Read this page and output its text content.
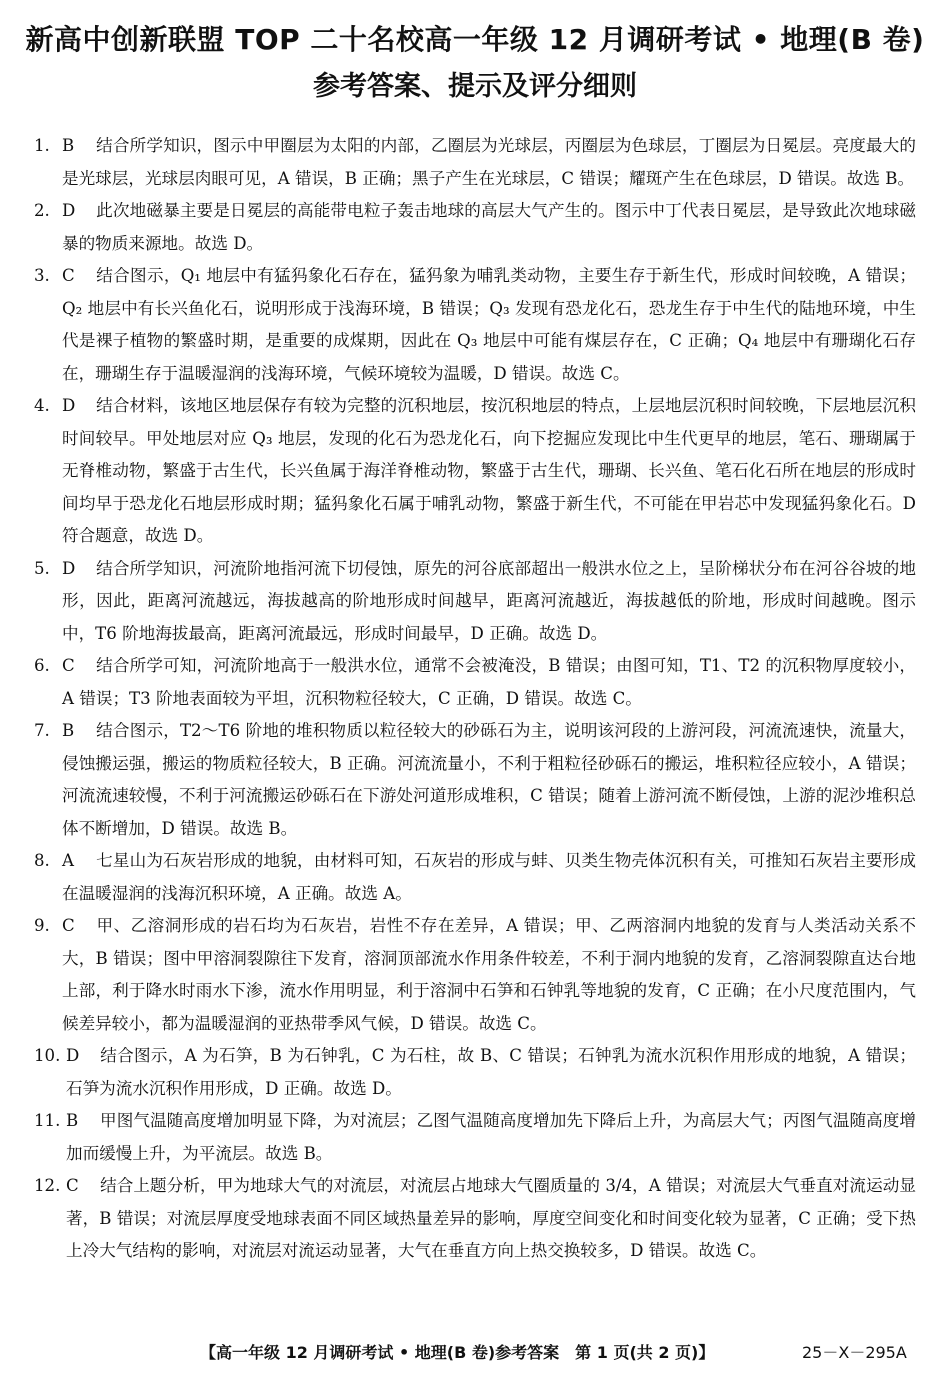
新高中创新联盟 TOP 二十名校高一年级 12 月调研考试 • 地理(B 卷)
参考答案、提示及评分细则
1. B 结合所学知识，图示中甲圈层为太阳的内部，乙圈层为光球层，丙圈层为色球层，丁圈层为日冕层。亮度最大的是光球层，光球层肉眼可见，A 错误，B 正确；黑子产生在光球层，C 错误；耀斑产生在色球层，D 错误。故选 B。
2. D 此次地磁暴主要是日冕层的高能带电粒子轰击地球的高层大气产生的。图示中丁代表日冕层，是导致此次地球磁暴的物质来源地。故选 D。
3. C 结合图示，Q₁ 地层中有猛犸象化石存在，猛犸象为哺乳类动物，主要生存于新生代，形成时间较晚，A 错误；Q₂ 地层中有长兴鱼化石，说明形成于浅海环境，B 错误；Q₃ 发现有恐龙化石，恐龙生存于中生代的陆地环境，中生代是裸子植物的繁盛时期，是重要的成煤期，因此在 Q₃ 地层中可能有煤层存在，C 正确；Q₄ 地层中有珊瑚化石存在，珊瑚生存于温暖湿润的浅海环境，气候环境较为温暖，D 错误。故选 C。
4. D 结合材料，该地区地层保存有较为完整的沉积地层，按沉积地层的特点，上层地层沉积时间较晚，下层地层沉积时间较早。甲处地层对应 Q₃ 地层，发现的化石为恐龙化石，向下挖掘应发现比中生代更早的地层，笔石、珊瑚属于无脊椎动物，繁盛于古生代，长兴鱼属于海洋脊椎动物，繁盛于古生代，珊瑚、长兴鱼、笔石化石所在地层的形成时间均早于恐龙化石地层形成时期；猛犸象化石属于哺乳动物，繁盛于新生代，不可能在甲岩芯中发现猛犸象化石。D 符合题意，故选 D。
5. D 结合所学知识，河流阶地指河流下切侵蚀，原先的河谷底部超出一般洪水位之上，呈阶梯状分布在河谷谷坡的地形，因此，距离河流越远，海拔越高的阶地形成时间越早，距离河流越近，海拔越低的阶地，形成时间越晚。图示中，T6 阶地海拔最高，距离河流最远，形成时间最早，D 正确。故选 D。
6. C 结合所学可知，河流阶地高于一般洪水位，通常不会被淹没，B 错误；由图可知，T1、T2 的沉积物厚度较小，A 错误；T3 阶地表面较为平坦，沉积物粒径较大，C 正确，D 错误。故选 C。
7. B 结合图示，T2～T6 阶地的堆积物质以粒径较大的砂砾石为主，说明该河段的上游河段，河流流速快，流量大，侵蚀搬运强，搬运的物质粒径较大，B 正确。河流流量小，不利于粗粒径砂砾石的搬运，堆积粒径应较小，A 错误；河流流速较慢，不利于河流搬运砂砾石在下游处河道形成堆积，C 错误；随着上游河流不断侵蚀，上游的泥沙堆积总体不断增加，D 错误。故选 B。
8. A 七星山为石灰岩形成的地貌，由材料可知，石灰岩的形成与蚌、贝类生物壳体沉积有关，可推知石灰岩主要形成在温暖湿润的浅海沉积环境，A 正确。故选 A。
9. C 甲、乙溶洞形成的岩石均为石灰岩，岩性不存在差异，A 错误；甲、乙两溶洞内地貌的发育与人类活动关系不大，B 错误；图中甲溶洞裂隙往下发育，溶洞顶部流水作用条件较差，不利于洞内地貌的发育，乙溶洞裂隙直达台地上部，利于降水时雨水下渗，流水作用明显，利于溶洞中石笋和石钟乳等地貌的发育，C 正确；在小尺度范围内，气候差异较小，都为温暖湿润的亚热带季风气候，D 错误。故选 C。
10. D 结合图示，A 为石笋，B 为石钟乳，C 为石柱，故 B、C 错误；石钟乳为流水沉积作用形成的地貌，A 错误；石笋为流水沉积作用形成，D 正确。故选 D。
11. B 甲图气温随高度增加明显下降，为对流层；乙图气温随高度增加先下降后上升，为高层大气；丙图气温随高度增加而缓慢上升，为平流层。故选 B。
12. C 结合上题分析，甲为地球大气的对流层，对流层占地球大气圈质量的 3/4，A 错误；对流层大气垂直对流运动显著，B 错误；对流层厚度受地球表面不同区域热量差异的影响，厚度空间变化和时间变化较为显著，C 正确；受下热上冷大气结构的影响，对流层对流运动显著，大气在垂直方向上热交换较多，D 错误。故选 C。
【高一年级 12 月调研考试 • 地理(B 卷)参考答案　第 1 页(共 2 页)】	25－X－295A
